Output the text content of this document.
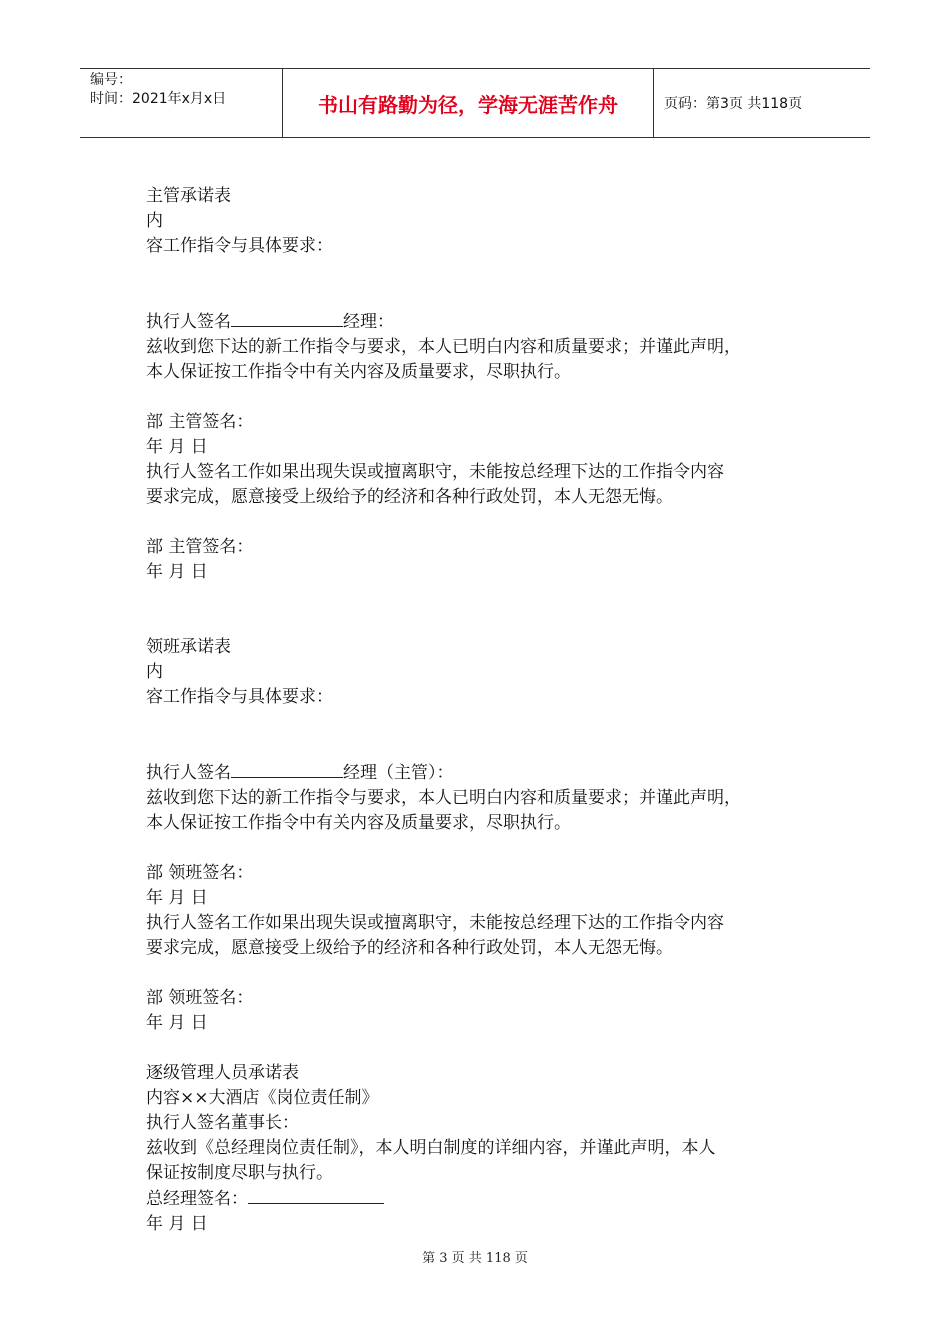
编号：
时间：2021年x月x日	书山有路勤为径，学海无涯苦作舟	页码：第3页 共118页

主管承诺表

内

容工作指令与具体要求：

执行人签名	经理：

兹收到您下达的新工作指令与要求，本人已明白内容和质量要求；并谨此声明，

本人保证按工作指令中有关内容及质量要求，尽职执行。

部 主管签名：

年 月 日

执行人签名工作如果出现失误或擅离职守，未能按总经理下达的工作指令内容

要求完成，愿意接受上级给予的经济和各种行政处罚，本人无怨无悔。

部 主管签名：

年 月 日

领班承诺表

内

容工作指令与具体要求：

执行人签名	经理（主管）：

兹收到您下达的新工作指令与要求，本人已明白内容和质量要求；并谨此声明，

本人保证按工作指令中有关内容及质量要求，尽职执行。

部 领班签名：

年 月 日

执行人签名工作如果出现失误或擅离职守，未能按总经理下达的工作指令内容

要求完成，愿意接受上级给予的经济和各种行政处罚，本人无怨无悔。

部 领班签名：

年 月 日

逐级管理人员承诺表

内容××大酒店《岗位责任制》

执行人签名董事长：

兹收到《总经理岗位责任制》，本人明白制度的详细内容，并谨此声明，本人

保证按制度尽职与执行。

总经理签名：

年 月 日

第 3 页 共 118 页
